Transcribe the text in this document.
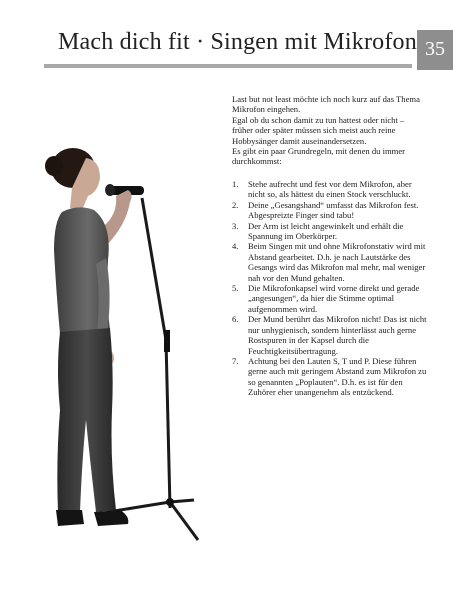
Mach dich fit · Singen mit Mikrofon 35

Last but not least möchte ich noch kurz auf das Thema Mikrofon eingehen.

Egal ob du schon damit zu tun hattest oder nicht – früher oder später müssen sich meist auch reine Hobbysänger damit auseinandersetzen.

Es gibt ein paar Grundregeln, mit denen du immer durchkommst:

1. Stehe aufrecht und fest vor dem Mikrofon, aber nicht so, als hättest du einen Stock verschluckt.
2. Deine „Gesangshand“ umfasst das Mikrofon fest. Abgespreizte Finger sind tabu!
3. Der Arm ist leicht angewinkelt und erhält die Spannung im Oberkörper.
4. Beim Singen mit und ohne Mikrofonstativ wird mit Abstand gearbeitet. D.h. je nach Lautstärke des Gesangs wird das Mikrofon mal mehr, mal weniger nah vor den Mund gehalten.
5. Die Mikrofonkapsel wird vorne direkt und gerade „angesungen“, da hier die Stimme optimal aufgenommen wird.
6. Der Mund berührt das Mikrofon nicht! Das ist nicht nur unhygienisch, sondern hinterlässt auch gerne Rostspuren in der Kapsel durch die Feuchtigkeitsübertragung.
7. Achtung bei den Lauten S, T und P. Diese führen gerne auch mit geringem Abstand zum Mikrofon zu so genannten „Poplauten“. D.h. es ist für den Zuhörer eher unangenehm als entzückend.
